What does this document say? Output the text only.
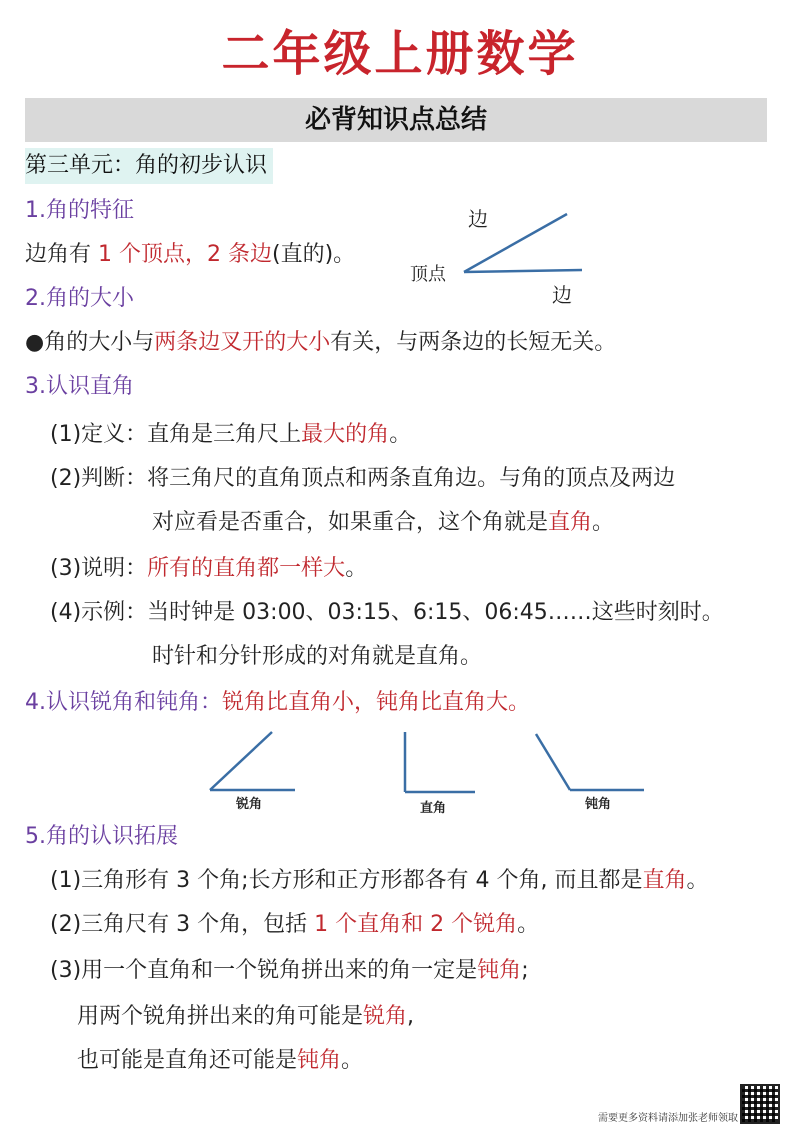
二年级上册数学
必背知识点总结
第三单元：角的初步认识
1.角的特征
边角有 1 个顶点，2 条边(直的)。
边
顶点
边
2.角的大小
●角的大小与两条边叉开的大小有关，与两条边的长短无关。
3.认识直角
(1)定义：直角是三角尺上最大的角。
(2)判断：将三角尺的直角顶点和两条直角边。与角的顶点及两边
对应看是否重合，如果重合，这个角就是直角。
(3)说明：所有的直角都一样大。
(4)示例：当时钟是 03:00、03:15、6:15、06:45……这些时刻时。
时针和分针形成的对角就是直角。
4.认识锐角和钝角：锐角比直角小，钝角比直角大。
锐角	直角	钝角
5.角的认识拓展
(1)三角形有 3 个角;长方形和正方形都各有 4 个角, 而且都是直角。
(2)三角尺有 3 个角，包括 1 个直角和 2 个锐角。
(3)用一个直角和一个锐角拼出来的角一定是钝角;
用两个锐角拼出来的角可能是锐角,
也可能是直角还可能是钝角。
需要更多资料请添加张老师领取
